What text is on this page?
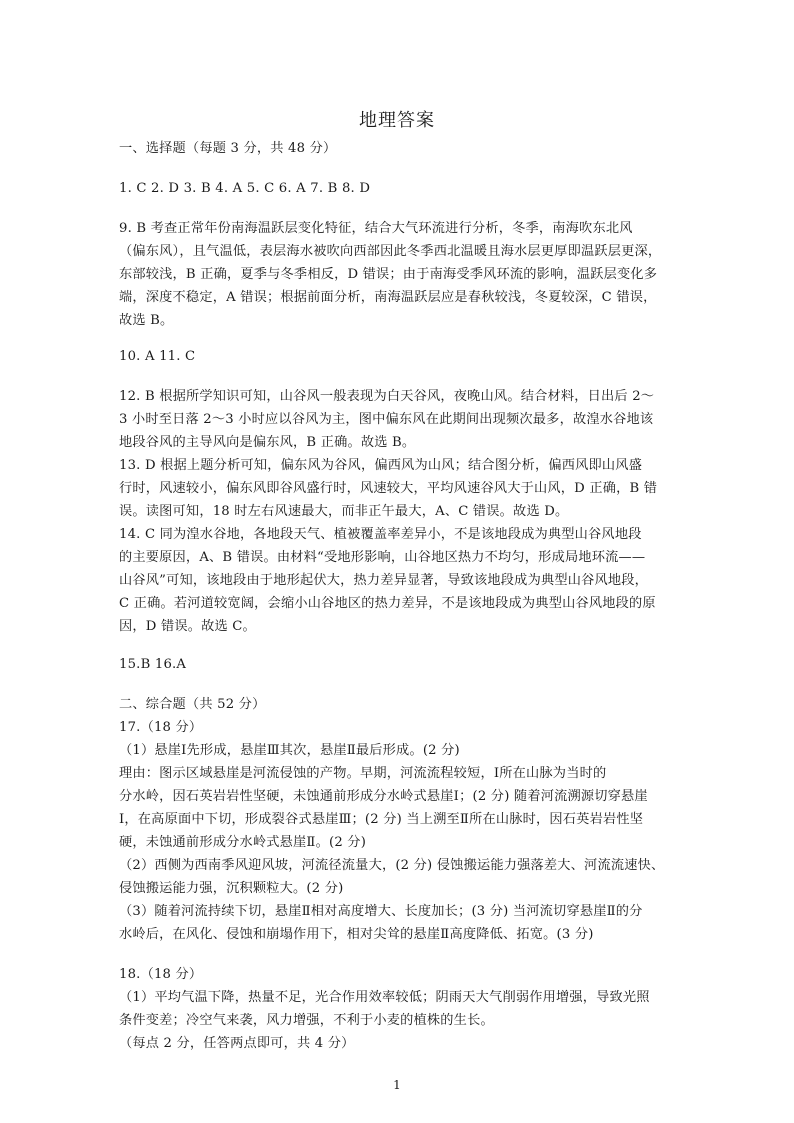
地理答案
一、选择题（每题 3 分，共 48 分）
1. C 2. D 3. B 4. A 5. C 6. A 7. B 8. D
9. B 考查正常年份南海温跃层变化特征，结合大气环流进行分析，冬季，南海吹东北风
（偏东风），且气温低，表层海水被吹向西部因此冬季西北温暖且海水层更厚即温跃层更深，
东部较浅，B 正确，夏季与冬季相反，D 错误；由于南海受季风环流的影响，温跃层变化多
端，深度不稳定，A 错误；根据前面分析，南海温跃层应是春秋较浅，冬夏较深，C 错误，
故选 B。
10. A 11. C
12. B 根据所学知识可知，山谷风一般表现为白天谷风，夜晚山风。结合材料，日出后 2～
3 小时至日落 2～3 小时应以谷风为主，图中偏东风在此期间出现频次最多，故湟水谷地该
地段谷风的主导风向是偏东风，B 正确。故选 B。
13. D 根据上题分析可知，偏东风为谷风，偏西风为山风；结合图分析，偏西风即山风盛
行时，风速较小，偏东风即谷风盛行时，风速较大，平均风速谷风大于山风，D 正确，B 错
误。读图可知，18 时左右风速最大，而非正午最大，A、C 错误。故选 D。
14. C 同为湟水谷地，各地段天气、植被覆盖率差异小，不是该地段成为典型山谷风地段
的主要原因，A、B 错误。由材料“受地形影响，山谷地区热力不均匀，形成局地环流——
山谷风”可知，该地段由于地形起伏大，热力差异显著，导致该地段成为典型山谷风地段，
C 正确。若河道较宽阔，会缩小山谷地区的热力差异，不是该地段成为典型山谷风地段的原
因，D 错误。故选 C。
15.B 16.A
二、综合题（共 52 分）
17.（18 分）
（1）悬崖Ⅰ先形成，悬崖Ⅲ其次，悬崖Ⅱ最后形成。(2 分)
理由：图示区域悬崖是河流侵蚀的产物。早期，河流流程较短，Ⅰ所在山脉为当时的
分水岭，因石英岩岩性坚硬，未蚀通前形成分水岭式悬崖Ⅰ；(2 分) 随着河流溯源切穿悬崖
Ⅰ，在高原面中下切，形成裂谷式悬崖Ⅲ；(2 分) 当上溯至Ⅱ所在山脉时，因石英岩岩性坚
硬，未蚀通前形成分水岭式悬崖Ⅱ。(2 分)
（2）西侧为西南季风迎风坡，河流径流量大，(2 分) 侵蚀搬运能力强落差大、河流流速快、
侵蚀搬运能力强，沉积颗粒大。(2 分)
（3）随着河流持续下切，悬崖Ⅱ相对高度增大、长度加长；(3 分) 当河流切穿悬崖Ⅱ的分
水岭后，在风化、侵蚀和崩塌作用下，相对尖耸的悬崖Ⅱ高度降低、拓宽。(3 分)
18.（18 分）
（1）平均气温下降，热量不足，光合作用效率较低；阴雨天大气削弱作用增强，导致光照
条件变差；冷空气来袭，风力增强，不利于小麦的植株的生长。
（每点 2 分，任答两点即可，共 4 分）
1
